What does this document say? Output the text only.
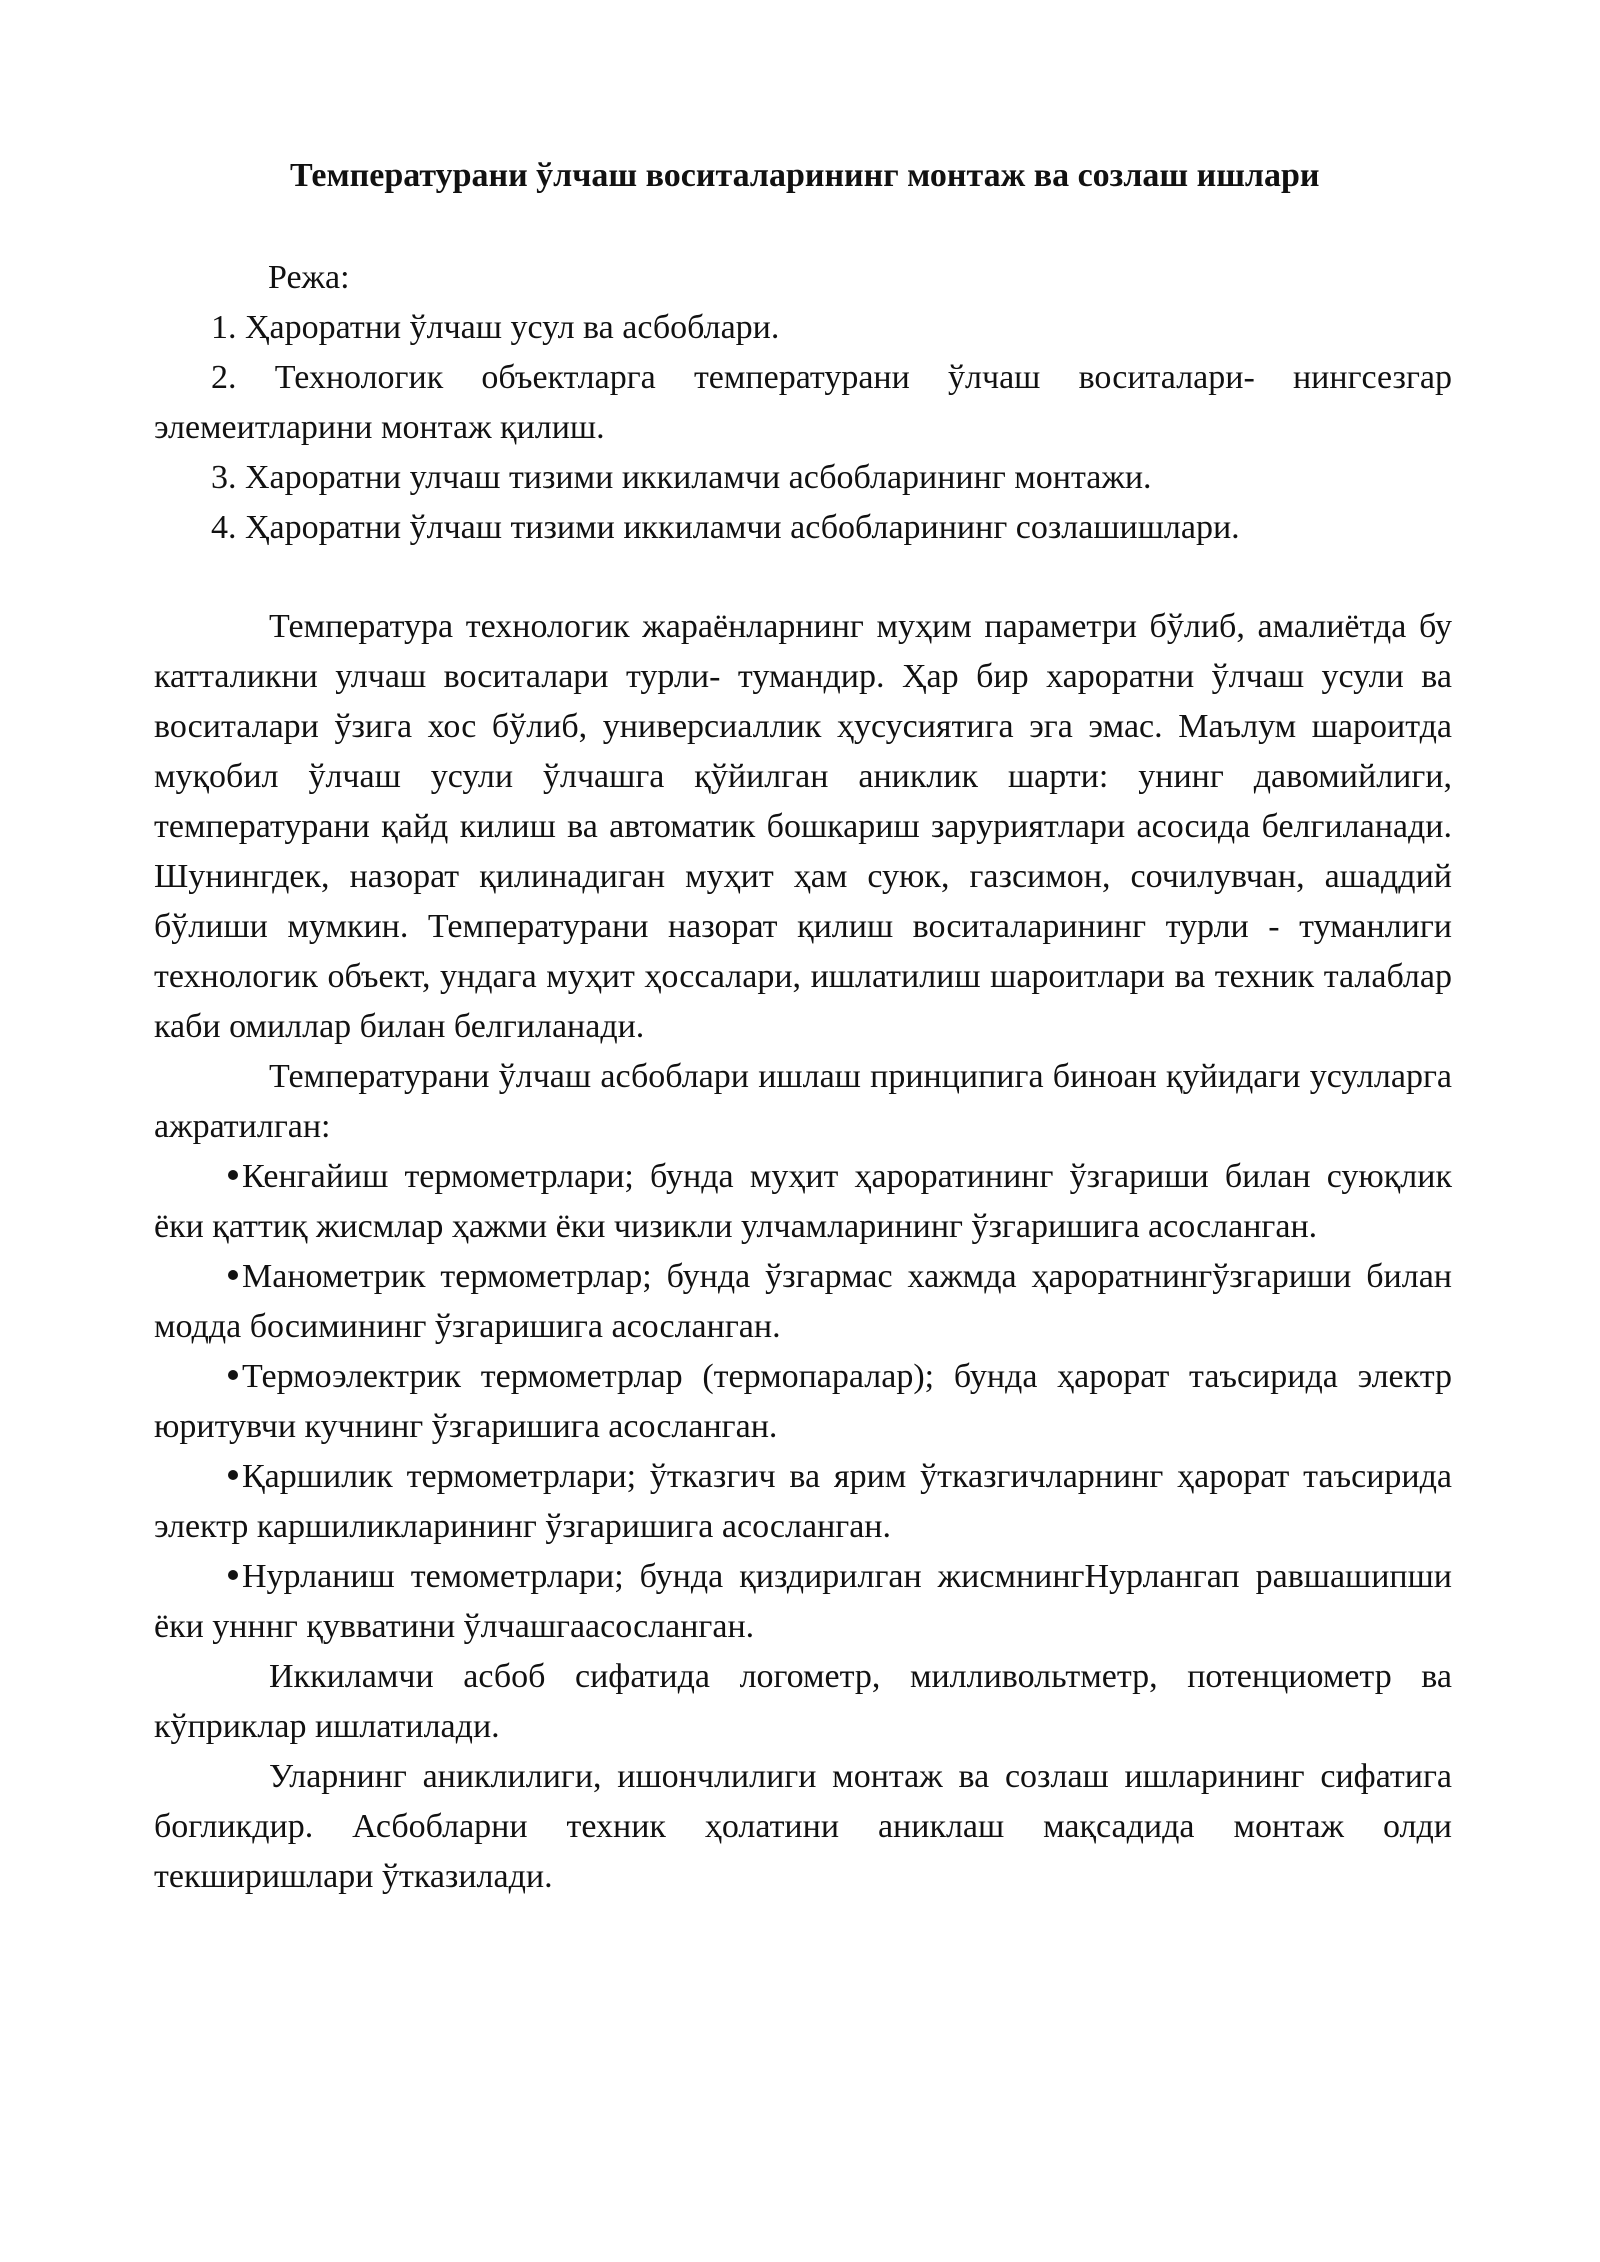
Температурани ўлчаш воситаларининг монтаж ва созлаш ишлари
Режа:
1. Ҳароратни ўлчаш усул ва асбоблари.
2. Технологик объектларга температурани ўлчаш воситалари- нингсезгар
элемеитларини монтаж қилиш.
3. Хароратни улчаш тизими иккиламчи асбобларининг монтажи.
4. Ҳароратни ўлчаш тизими иккиламчи асбобларининг созлашишлари.

Температура технологик жараёнларнинг муҳим параметри бўлиб, амалиётда бу катталикни улчаш воситалари турли- тумандир. Ҳар бир хароратни ўлчаш усули ва воситалари ўзига хос бўлиб, универсиаллик ҳусусиятига эга эмас. Маълум шароитда муқобил ўлчаш усули ўлчашга қўйилган аниклик шарти: унинг давомийлиги, температурани қайд килиш ва автоматик бошкариш заруриятлари асосида белгиланади. Шунингдек, назорат қилинадиган муҳит ҳам суюк, газсимон, сочилувчан, ашаддий бўлиши мумкин. Температурани назорат қилиш воситаларининг турли - туманлиги технологик объект, ундага муҳит ҳоссалари, ишлатилиш шароитлари ва техник талаблар каби омиллар билан белгиланади.

Температурани ўлчаш асбоблари ишлаш принципига биноан қуйидаги усулларга ажратилган:

Кенгайиш термометрлари; бунда муҳит ҳароратининг ўзгариши билан суюқлик ёки қаттиқ жисмлар ҳажми ёки чизикли улчамларининг ўзгаришига асосланган.

Манометрик термометрлар; бунда ўзгармас хажмда ҳароратнингўзгариши билан модда босимининг ўзгаришига асосланган.

Термоэлектрик термометрлар (термопаралар); бунда ҳарорат таъсирида электр юритувчи кучнинг ўзгаришига асосланган.

Қаршилик термометрлари; ўтказгич ва ярим ўтказгичларнинг ҳарорат таъсирида электр каршиликларининг ўзгаришига асосланган.

Нурланиш темометрлари; бунда қиздирилган жисмнингНурлангап равшашипши ёки унннг қувватини ўлчашгаасосланган.

Иккиламчи асбоб сифатида логометр, милливольтметр, потенциометр ва кўприклар ишлатилади.

Уларнинг аниклилиги, ишончлилиги монтаж ва созлаш ишларининг сифатига богликдир. Асбобларни техник ҳолатини аниклаш мақсадида монтаж олди текширишлари ўтказилади.
